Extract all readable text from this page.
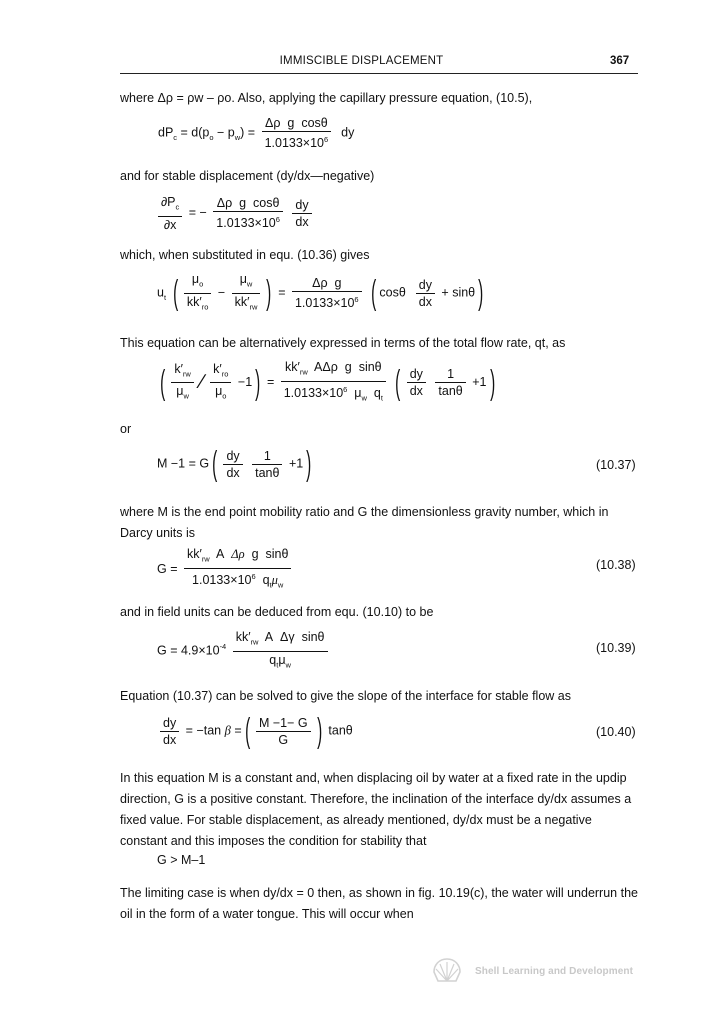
IMMISCIBLE DISPLACEMENT	367
where Δρ = ρw – ρo. Also, applying the capillary pressure equation, (10.5),
$dP_c = d(p_o - p_w) = \frac{\text{Δρ  g  cosθ}}{1.0133\times 10^6}$ dy
and for stable displacement (dy/dx—negative)
$\frac{\partial P_c}{\partial x}$ = − $\frac{\text{Δρ  g  cosθ}}{1.0133\times 10^6}$
$\frac{dy}{dx}$
which, when substituted in equ. (10.36) gives
$u_t$ ( $\frac{\mu_o}{kk'_{ro}} - \frac{\mu_w}{kk'_{rw}}$ ) = $\frac{\text{Δρ  g}}{1.0133\times 10^6}$ ( cosθ $\frac{dy}{dx} + \sin\theta$)
This equation can be alternatively expressed in terms of the total flow rate, qt, as
( $\frac{k'_{rw}}{\mu_w}$ ∕ $\frac{k'_{ro}}{\mu_o} -1) = \frac{kk'_{rw} A\Delta\rho g \sin\theta}{1.0133\times 10^6 \mu_w q_t}$ ( $\frac{dy}{dx}$
$\frac{1}{\tan\theta} +1$)
or
$M -1 = G( \frac{dy}{dx}$
$\frac{1}{\tan\theta} +1$)	(10.37)
where M is the end point mobility ratio and G the dimensionless gravity number, which in Darcy units is
$G = \frac{kk'_{rw} A \Delta\rho g \sin\theta}{1.0133\times 10^6 q_t\mu_w}$	(10.38)
and in field units can be deduced from equ. (10.10) to be
$G = 4.9\times 10^{-4} \frac{kk'_{rw} A \Delta\gamma \sin\theta}{q_t\mu_w}$	(10.39)
Equation (10.37) can be solved to give the slope of the interface for stable flow as
$\frac{dy}{dx} = -\tan$ β =( $\frac{M -1- G}{G}$ ) tanθ	(10.40)
In this equation M is a constant and, when displacing oil by water at a fixed rate in the updip direction, G is a positive constant. Therefore, the inclination of the interface dy/dx assumes a fixed value. For stable displacement, as already mentioned, dy/dx must be a negative constant and this imposes the condition for stability that
G > M–1
The limiting case is when dy/dx = 0 then, as shown in fig. 10.19(c), the water will underrun the oil in the form of a water tongue. This will occur when
Shell Learning and Development
